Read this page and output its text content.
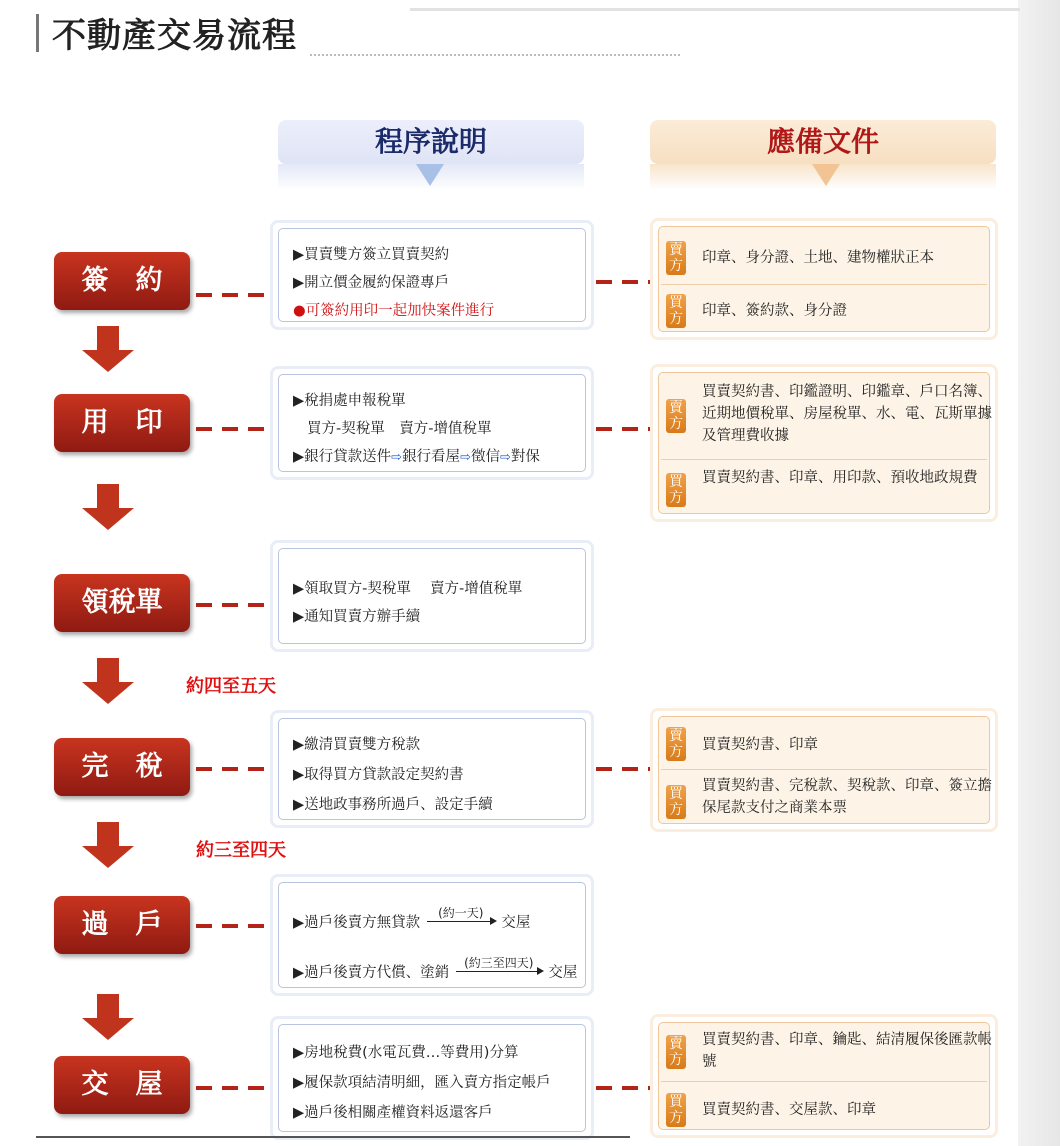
不動產交易流程
程序說明	應備文件
簽　約
▶買賣雙方簽立買賣契約
▶開立價金履約保證專戶
●可簽約用印一起加快案件進行
賣方 印章、身分證、土地、建物權狀正本
買方 印章、簽約款、身分證
用　印
▶稅捐處申報稅單
買方-契稅單　賣方-增值稅單
▶銀行貸款送件⇨銀行看屋⇨徵信⇨對保
賣方
買賣契約書、印鑑證明、印鑑章、戶口名簿、近期地價稅單、房屋稅單、水、電、瓦斯單據及管理費收據
買方
買賣契約書、印章、用印款、預收地政規費
領稅單	▶領取買方-契稅單　 賣方-增值稅單
▶通知買賣方辦手續
約四至五天
完　稅
▶繳清買賣雙方稅款
▶取得買方貸款設定契約書
▶送地政事務所過戶、設定手續
賣方 買賣契約書、印章
買方
買賣契約書、完稅款、契稅款、印章、簽立擔保尾款支付之商業本票
約三至四天
過　戶	▶過戶後賣方無貸款
(約一天)
交屋
▶過戶後賣方代償、塗銷
(約三至四天)
交屋
交　屋
▶房地稅費(水電瓦費…等費用)分算
▶履保款項結清明細，匯入賣方指定帳戶
▶過戶後相關產權資料返還客戶
賣方
買賣契約書、印章、鑰匙、結清履保後匯款帳號
買方 買賣契約書、交屋款、印章
